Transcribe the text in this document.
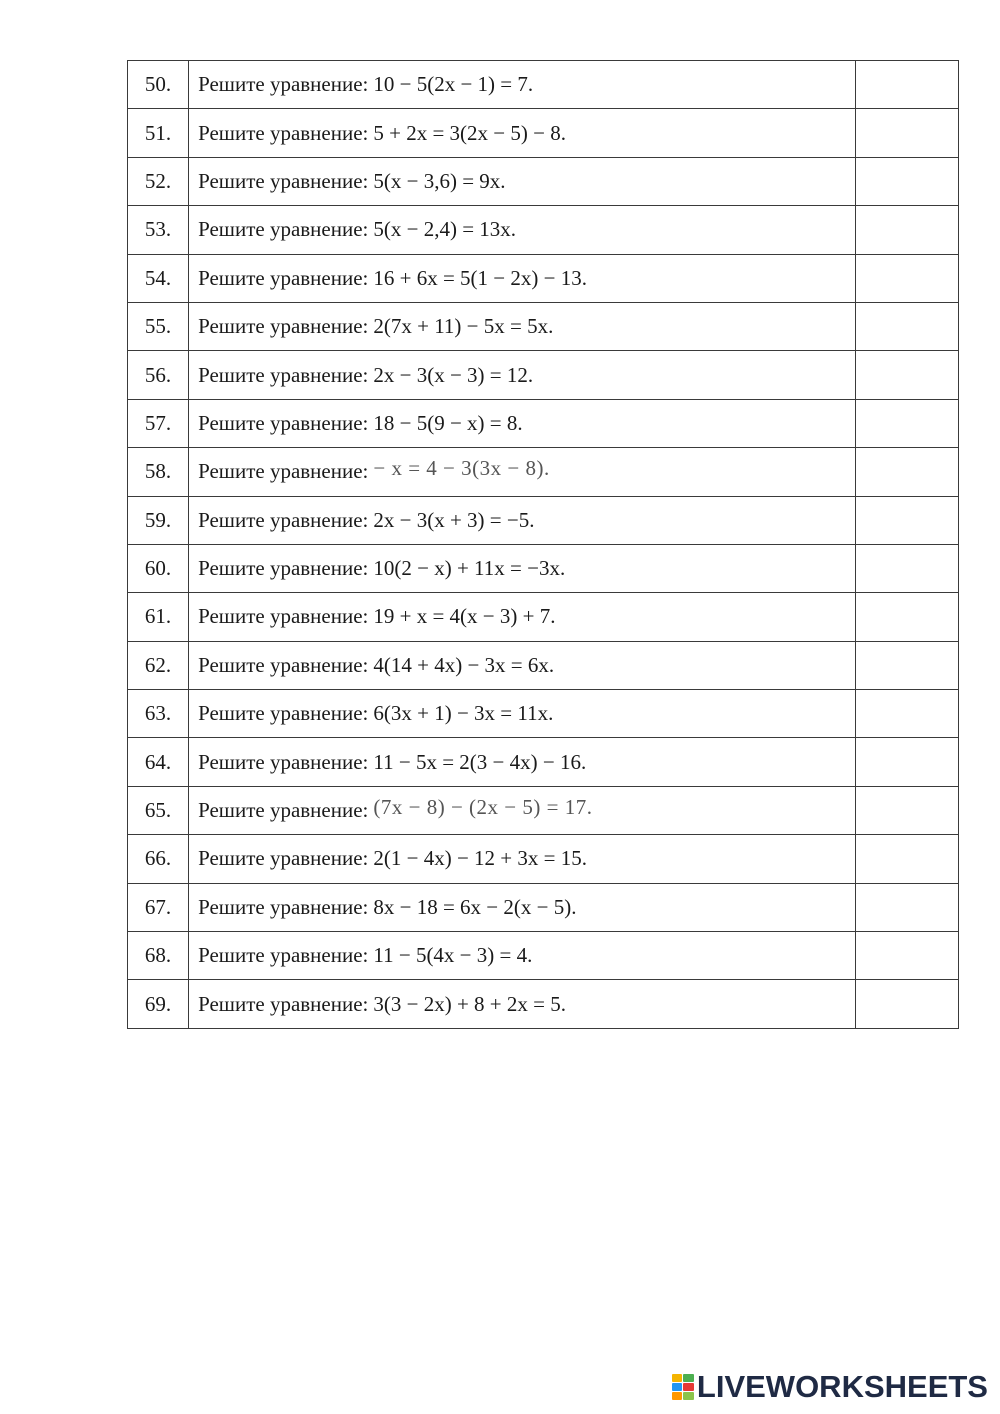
50.	Решите уравнение: 10 − 5(2x − 1) = 7.	
51.	Решите уравнение: 5 + 2x = 3(2x − 5) − 8.	
52.	Решите уравнение: 5(x − 3,6) = 9x.	
53.	Решите уравнение: 5(x − 2,4) = 13x.	
54.	Решите уравнение: 16 + 6x = 5(1 − 2x) − 13.	
55.	Решите уравнение: 2(7x + 11) − 5x = 5x.	
56.	Решите уравнение: 2x − 3(x − 3) = 12.	
57.	Решите уравнение: 18 − 5(9 − x) = 8.	
58.	Решите уравнение: − x = 4 − 3(3x − 8).	
59.	Решите уравнение: 2x − 3(x + 3) = −5.	
60.	Решите уравнение: 10(2 − x) + 11x = −3x.	
61.	Решите уравнение: 19 + x = 4(x − 3) + 7.	
62.	Решите уравнение: 4(14 + 4x) − 3x = 6x.	
63.	Решите уравнение: 6(3x + 1) − 3x = 11x.	
64.	Решите уравнение: 11 − 5x = 2(3 − 4x) − 16.	
65.	Решите уравнение: (7x − 8) − (2x − 5) = 17.	
66.	Решите уравнение: 2(1 − 4x) − 12 + 3x = 15.	
67.	Решите уравнение: 8x − 18 = 6x − 2(x − 5).	
68.	Решите уравнение: 11 − 5(4x − 3) = 4.	
69.	Решите уравнение: 3(3 − 2x) + 8 + 2x = 5.	
LIVEWORKSHEETS
